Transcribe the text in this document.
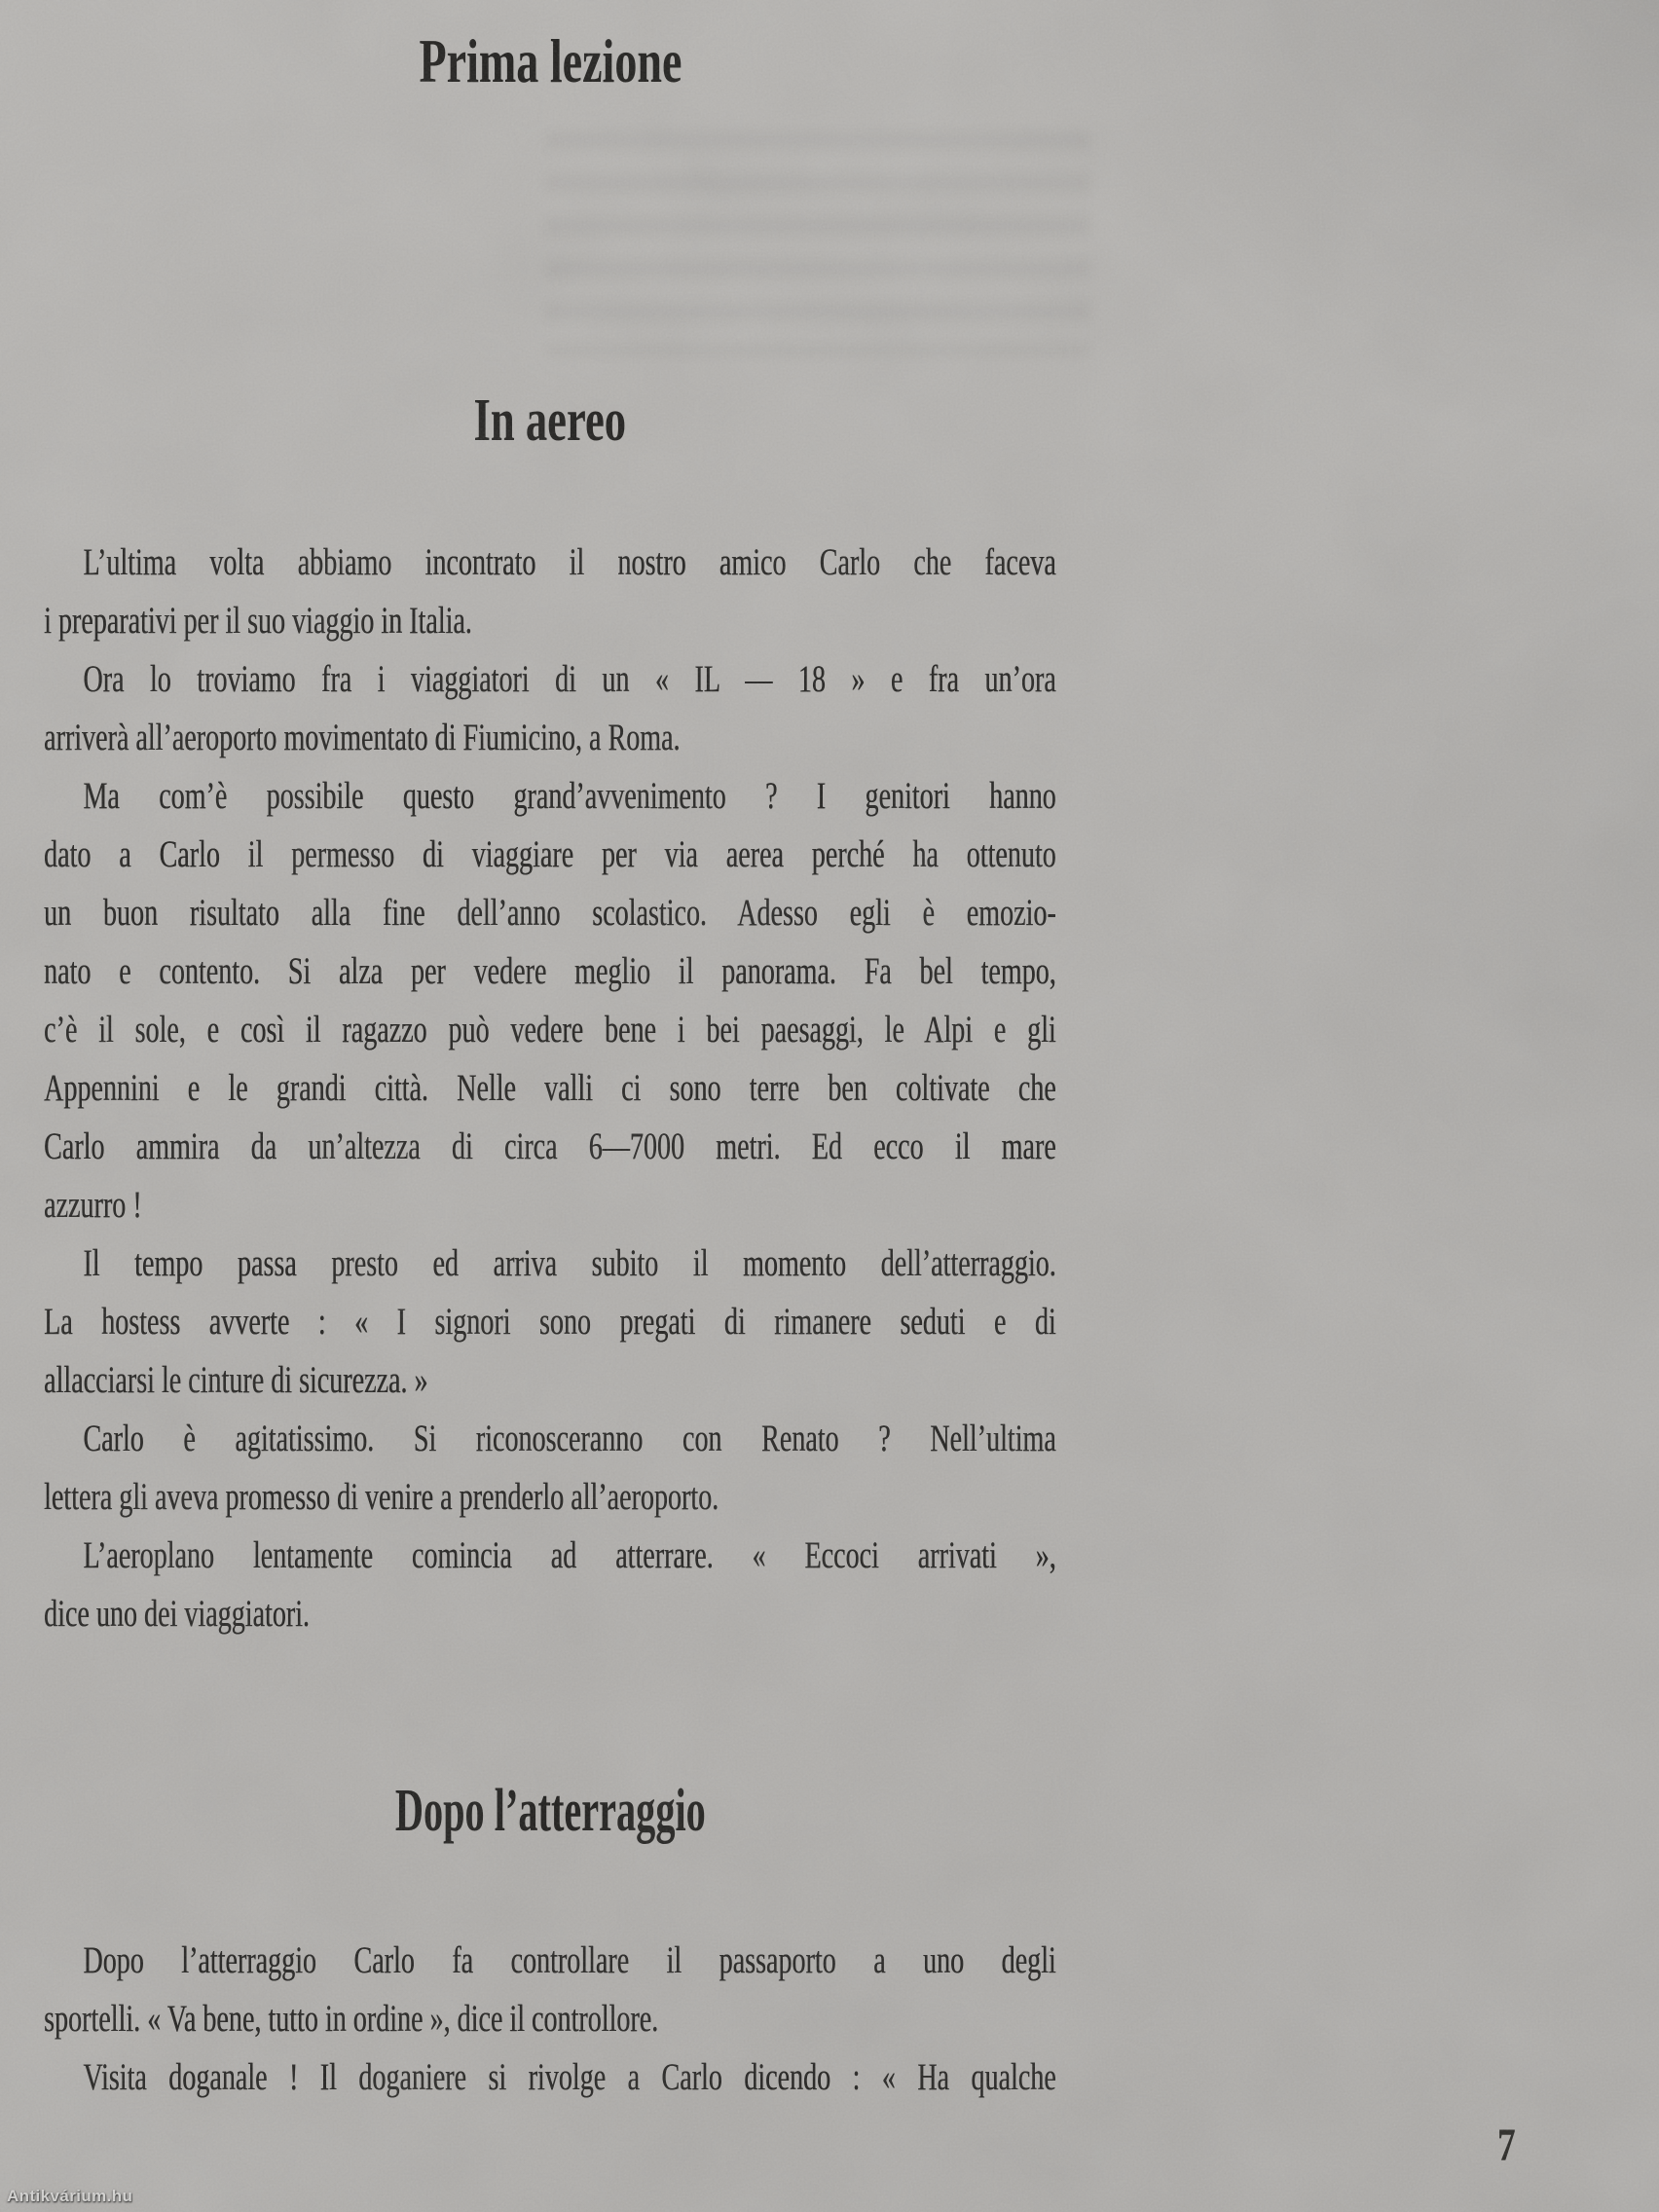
Prima lezione
In aereo
L’ultima volta abbiamo incontrato il nostro amico Carlo che faceva
i preparativi per il suo viaggio in Italia.
Ora lo troviamo fra i viaggiatori di un « IL — 18 » e fra un’ora
arriverà all’aeroporto movimentato di Fiumicino, a Roma.
Ma com’è possibile questo grand’avvenimento ? I genitori hanno
dato a Carlo il permesso di viaggiare per via aerea perché ha ottenuto
un buon risultato alla fine dell’anno scolastico. Adesso egli è emozio-
nato e contento. Si alza per vedere meglio il panorama. Fa bel tempo,
c’è il sole, e così il ragazzo può vedere bene i bei paesaggi, le Alpi e gli
Appennini e le grandi città. Nelle valli ci sono terre ben coltivate che
Carlo ammira da un’altezza di circa 6—7000 metri. Ed ecco il mare
azzurro !
Il tempo passa presto ed arriva subito il momento dell’atterraggio.
La hostess avverte : « I signori sono pregati di rimanere seduti e di
allacciarsi le cinture di sicurezza. »
Carlo è agitatissimo. Si riconosceranno con Renato ? Nell’ultima
lettera gli aveva promesso di venire a prenderlo all’aeroporto.
L’aeroplano lentamente comincia ad atterrare. « Eccoci arrivati »,
dice uno dei viaggiatori.
Dopo l’atterraggio
Dopo l’atterraggio Carlo fa controllare il passaporto a uno degli
sportelli. « Va bene, tutto in ordine », dice il controllore.
Visita doganale ! Il doganiere si rivolge a Carlo dicendo : « Ha qualche
7
Antikvárium.hu
